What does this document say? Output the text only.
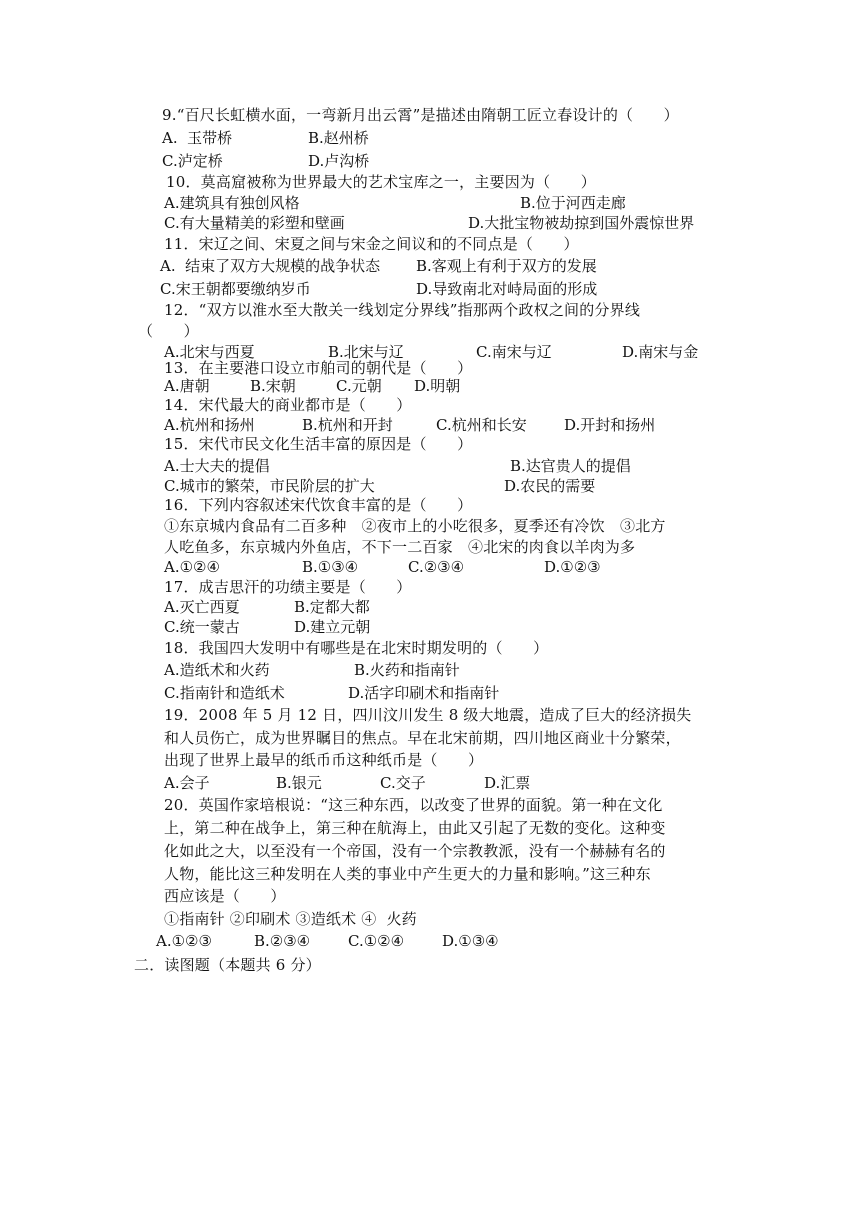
9.“百尺长虹横水面，一弯新月出云霄”是描述由隋朝工匠立春设计的（　　）
A.  玉带桥	B.赵州桥
C.泸定桥	D.卢沟桥
10．莫高窟被称为世界最大的艺术宝库之一，主要因为（　　）
A.建筑具有独创风格	B.位于河西走廊
C.有大量精美的彩塑和壁画	D.大批宝物被劫掠到国外震惊世界
11．宋辽之间、宋夏之间与宋金之间议和的不同点是（　　）
A.  结束了双方大规模的战争状态 B.客观上有利于双方的发展
C.宋王朝都要缴纳岁币	D.导致南北对峙局面的形成
12．“双方以淮水至大散关一线划定分界线”指那两个政权之间的分界线
（　　）
A.北宋与西夏	B.北宋与辽	C.南宋与辽	D.南宋与金
13．在主要港口设立市舶司的朝代是（　　）
A.唐朝	B.宋朝	C.元朝 D.明朝
14．宋代最大的商业都市是（　　）
A.杭州和扬州	B.杭州和开封	C.杭州和长安 D.开封和扬州
15．宋代市民文化生活丰富的原因是（　　）
A.士大夫的提倡	B.达官贵人的提倡
C.城市的繁荣，市民阶层的扩大	D.农民的需要
16．下列内容叙述宋代饮食丰富的是（　　）
①东京城内食品有二百多种　②夜市上的小吃很多，夏季还有冷饮　③北方
人吃鱼多，东京城内外鱼店，不下一二百家　④北宋的肉食以羊肉为多
A.①②④	B.①③④	C.②③④	D.①②③
17．成吉思汗的功绩主要是（　　）
A.灭亡西夏	B.定都大都
C.统一蒙古	D.建立元朝
18．我国四大发明中有哪些是在北宋时期发明的（　　）
A.造纸术和火药	B.火药和指南针
C.指南针和造纸术	D.活字印刷术和指南针
19．2008 年 5 月 12 日，四川汶川发生 8 级大地震，造成了巨大的经济损失
和人员伤亡，成为世界瞩目的焦点。早在北宋前期，四川地区商业十分繁荣，
出现了世界上最早的纸币币这种纸币是（　　）
A.会子	B.银元	C.交子	D.汇票
20．英国作家培根说：“这三种东西，以改变了世界的面貌。第一种在文化
上，第二种在战争上，第三种在航海上，由此又引起了无数的变化。这种变
化如此之大，以至没有一个帝国，没有一个宗教教派，没有一个赫赫有名的
人物，能比这三种发明在人类的事业中产生更大的力量和影响。”这三种东
西应该是（　　）
①指南针 ②印刷术 ③造纸术 ④  火药
A.①②③	B.②③④	C.①②④	D.①③④
二．读图题（本题共 6 分）
